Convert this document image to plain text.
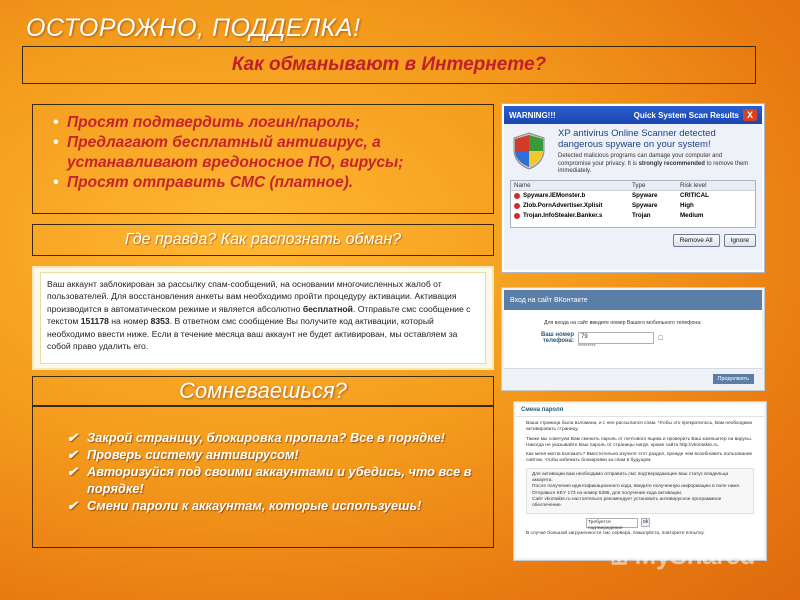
ОСТОРОЖНО, ПОДДЕЛКА!
Как обманывают в Интернете?
• Просят подтвердить логин/пароль;
• Предлагают бесплатный антивирус, а устанавливают вредоносное ПО, вирусы;
• Просят отправить СМС (платное).
Где правда? Как распознать обман?
Ваш аккаунт заблокирован за рассылку спам-сообщений, на основании многочисленных жалоб от пользователей. Для восстановления анкеты вам необходимо пройти процедуру активации. Активация производится в автоматическом режиме и является абсолютно бесплатной. Отправьте смс сообщение с текстом 151178 на номер 8353. В ответном смс сообщение Вы получите код активации, который необходимо ввести ниже. Если в течение месяца ваш аккаунт не будет активирован, мы оставляем за собой право удалить его.
Сомневаешься?
✔ Закрой страницу, блокировка пропала? Все в порядке!
✔ Проверь систему антивирусом!
✔ Авторизуйся под своими аккаунтами и убедись, что все в порядке!
✔ Смени пароли к аккаунтам, которые используешь!
WARNING!!!	Quick System Scan Results X
XP antivirus Online Scanner detected dangerous spyware on your system!
Detected malicious programs can damage your computer and compromise your privacy. It is strongly recommended to remove them immediately.
Name	Type	Risk level
Spyware.IEMonster.b	Spyware	CRITICAL
Zlob.PornAdvertiser.Xplisit	Spyware	High
Trojan.InfoStealer.Banker.s	Trojan	Medium
Remove All	Ignore
Вход на сайт ВКонтакте
Для входа на сайт введите номер Вашего мобильного телефона:
Ваш номер телефона:
79	☐
*********
Продолжить
Смена пароля

Ваша страница была взломана, и с нее рассылался спам. Чтобы это прекратилось, Вам необходимо активировать страницу.

Также мы советуем Вам сменить пароль от почтового ящика и проверить Ваш компьютер на вирусы. Никогда не указывайте Ваш пароль от страницы нигде, кроме сайта http://vkontakte.ru.

Как меня могли взломать? Вместительно изучите этот раздел, прежде чем возобновить пользование сайтом, чтобы избежать блокировки за спам в будущем.

Для активации вам необходимо отправить смс подтверждающее ваш статус владельца аккаунта.
После получения идентификационного кода, введите полученную информацию в поле ниже.
Отправьте KEY 173 на номер 5396, для получения кода активации.
Сайт vkontakte.ru настоятельно рекомендует установить антивирусное программное обеспечение.
Требуется подтверждение
ok
В случае большой загруженности смс сервера, пожалуйста, повторите попытку.
⊞ MyShared
